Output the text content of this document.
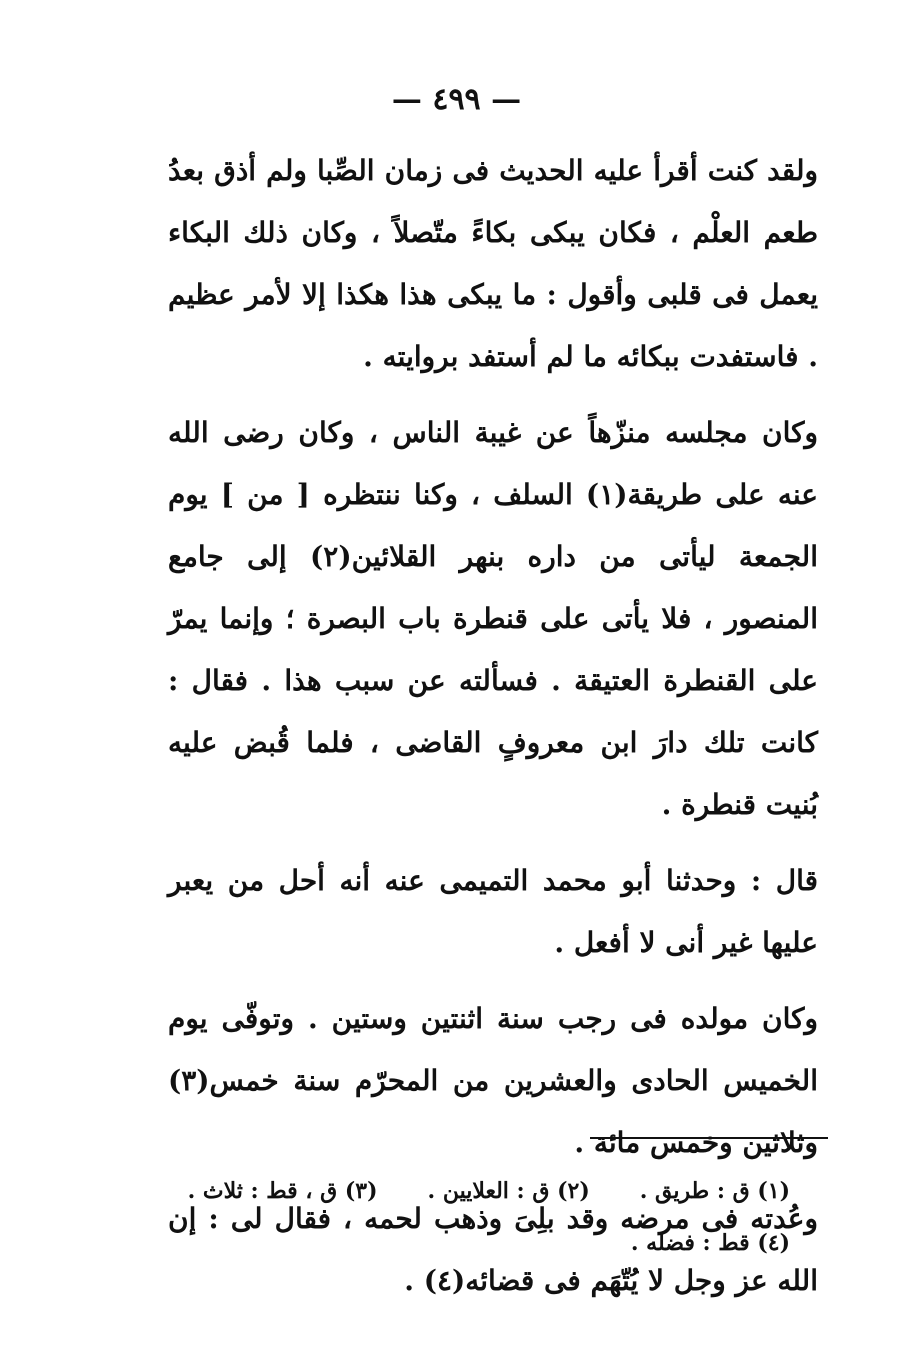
— ٤٩٩ —

ولقد كنت أقرأ عليه الحديث فى زمان الصِّبا ولم أذق بعدُ طعم العلْم ، فكان يبكى بكاءً متّصلاً ، وكان ذلك البكاء يعمل فى قلبى وأقول : ما يبكى هذا هكذا إلا لأمر عظيم . فاستفدت ببكائه ما لم أستفد بروايته .

وكان مجلسه منزّهاً عن غيبة الناس ، وكان رضى الله عنه على طريقة(١) السلف ، وكنا ننتظره [ من ] يوم الجمعة ليأتى من داره بنهر القلائين(٢) إلى جامع المنصور ، فلا يأتى على قنطرة باب البصرة ؛ وإنما يمرّ على القنطرة العتيقة . فسألته عن سبب هذا . فقال : كانت تلك دارَ ابن معروفٍ القاضى ، فلما قُبض عليه بُنيت قنطرة .

قال : وحدثنا أبو محمد التميمى عنه أنه أحل من يعبر عليها غير أنى لا أفعل .

وكان مولده فى رجب سنة اثنتين وستين . وتوفّى يوم الخميس الحادى والعشرين من المحرّم سنة خمس(٣) وثلاثين وخمس مائة .

وعُدته فى مرضه وقد بلِىَ وذهب لحمه ، فقال لى : إن الله عز وجل لا يُتّهَم فى قضائه(٤) .

(١) ق : طريق .
(٢) ق : العلايين .
(٣) ق ، قط : ثلاث .
(٤) قط : فضله .
